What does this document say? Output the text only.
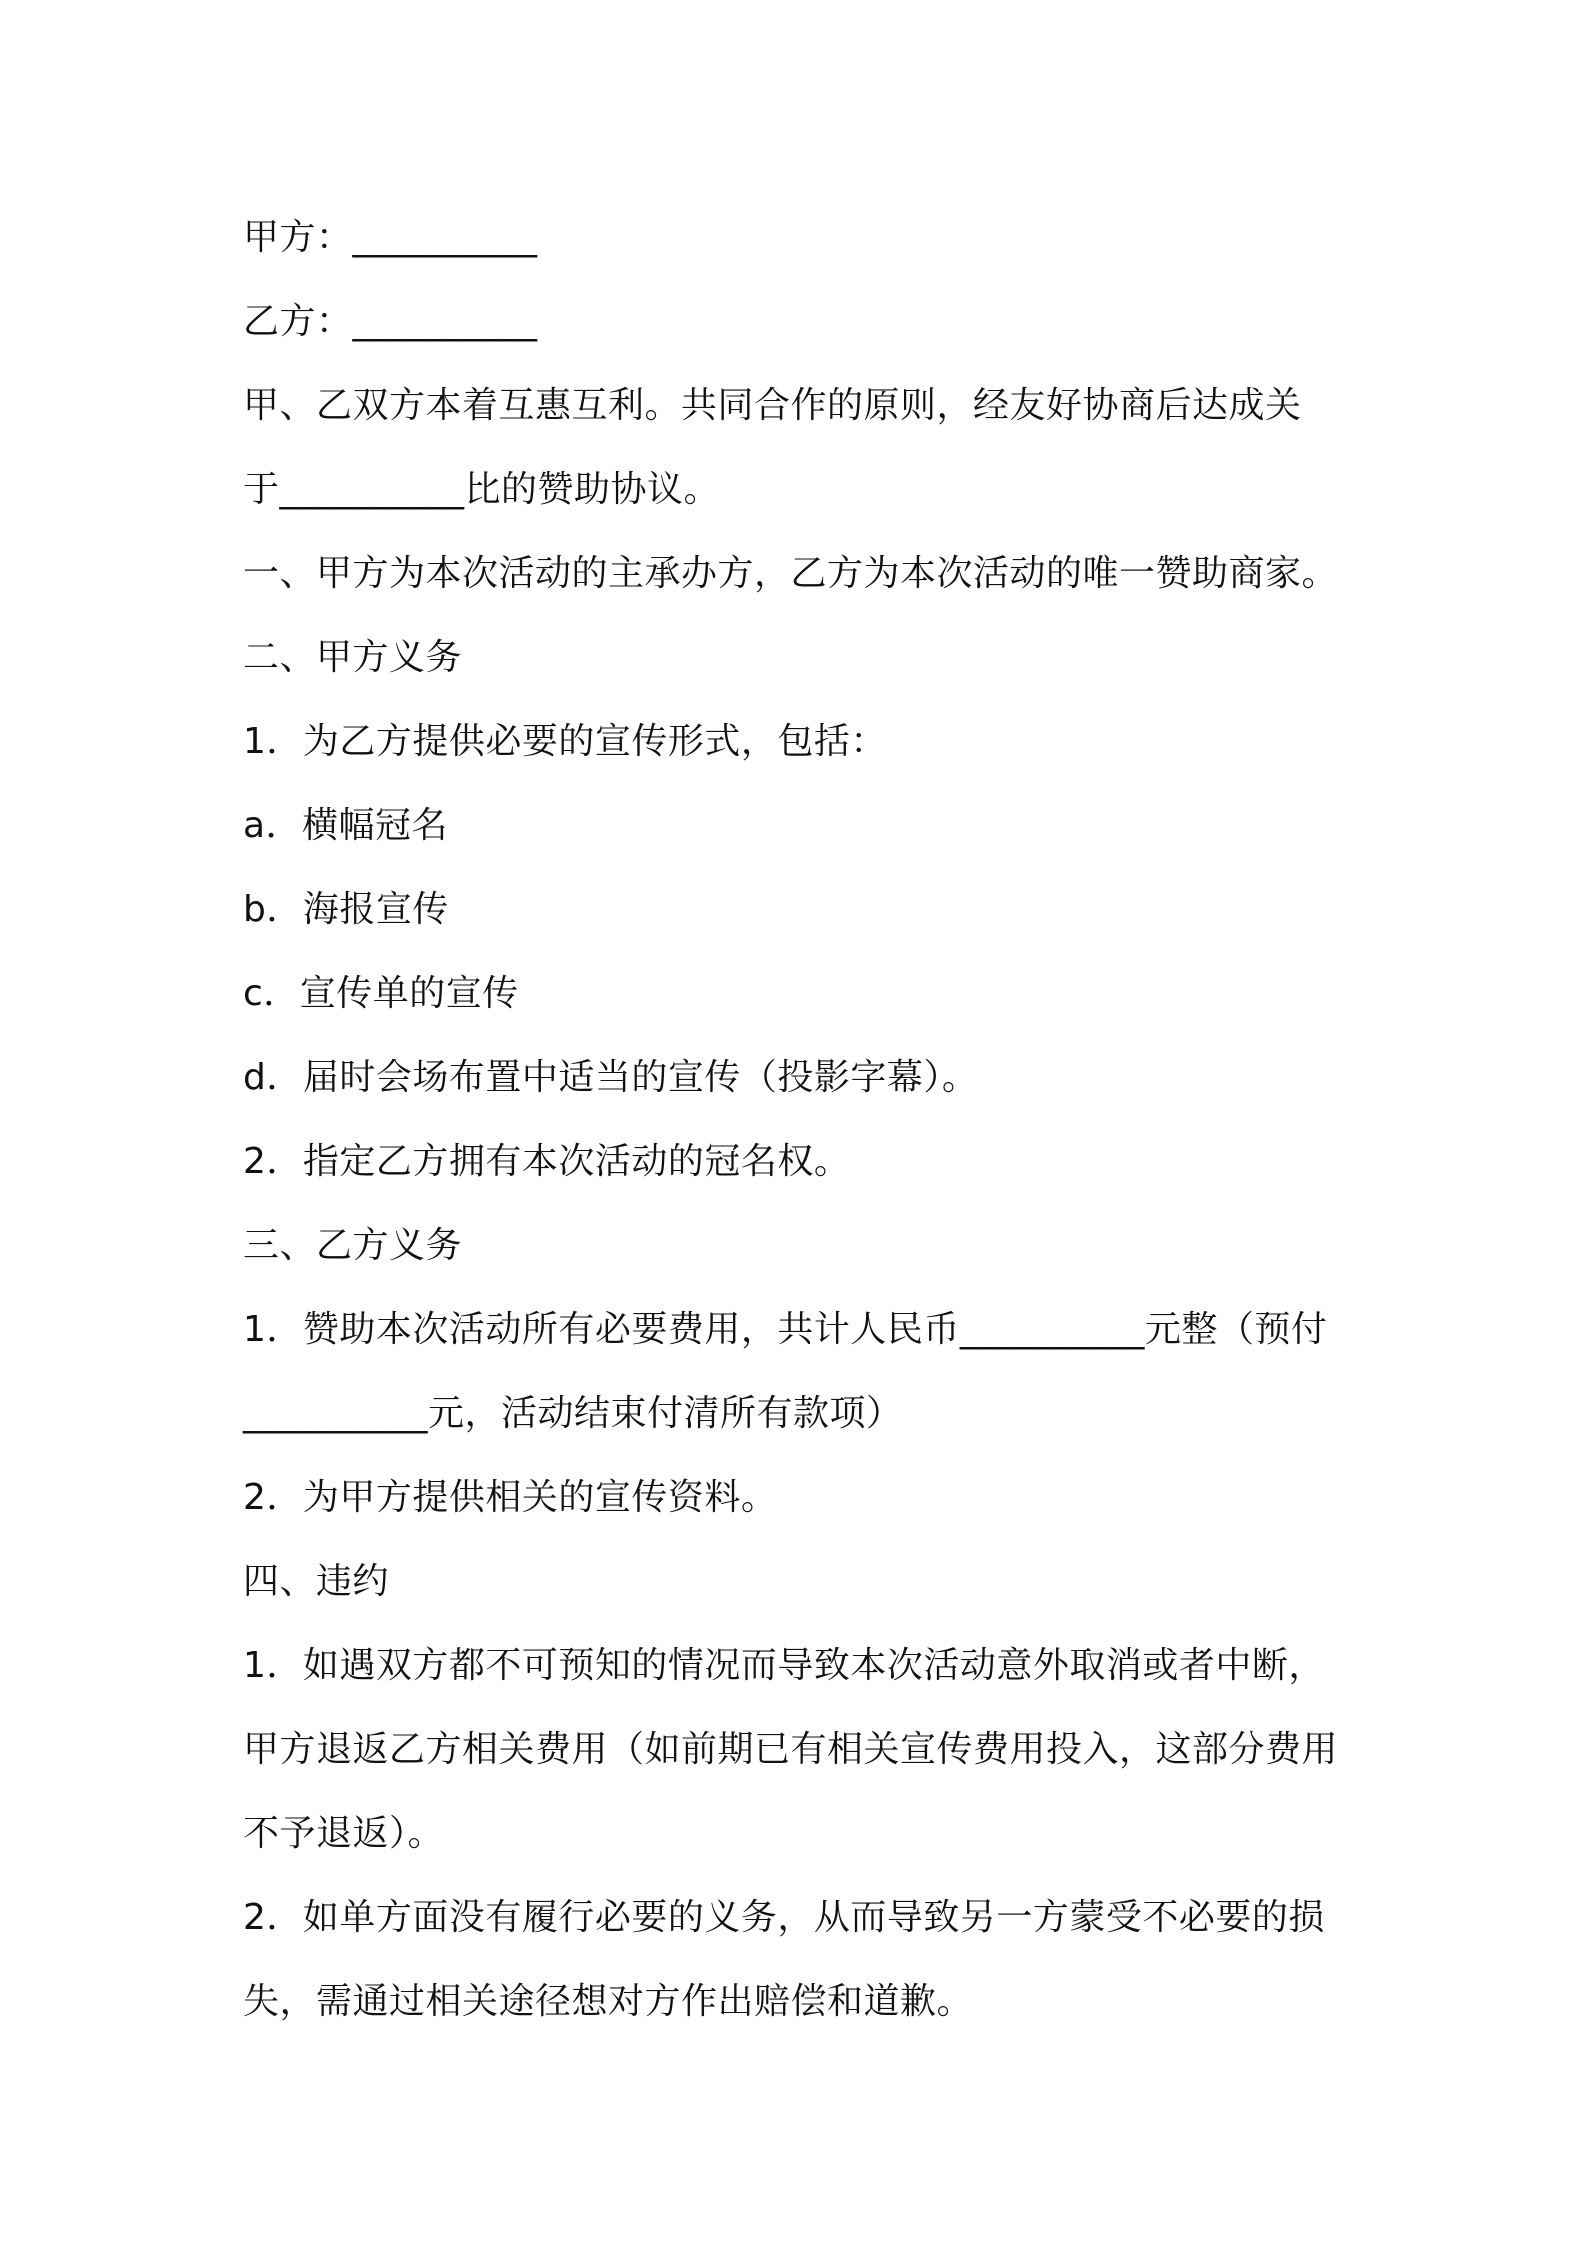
甲方：__________
乙方：__________
甲、乙双方本着互惠互利。共同合作的原则，经友好协商后达成关
于__________比的赞助协议。
一、甲方为本次活动的主承办方，乙方为本次活动的唯一赞助商家。
二、甲方义务
1．为乙方提供必要的宣传形式，包括：
a．横幅冠名
b．海报宣传
c．宣传单的宣传
d．届时会场布置中适当的宣传（投影字幕）。
2．指定乙方拥有本次活动的冠名权。
三、乙方义务
1．赞助本次活动所有必要费用，共计人民币__________元整（预付
__________元，活动结束付清所有款项）
2．为甲方提供相关的宣传资料。
四、违约
1．如遇双方都不可预知的情况而导致本次活动意外取消或者中断，
甲方退返乙方相关费用（如前期已有相关宣传费用投入，这部分费用
不予退返）。
2．如单方面没有履行必要的义务，从而导致另一方蒙受不必要的损
失，需通过相关途径想对方作出赔偿和道歉。
